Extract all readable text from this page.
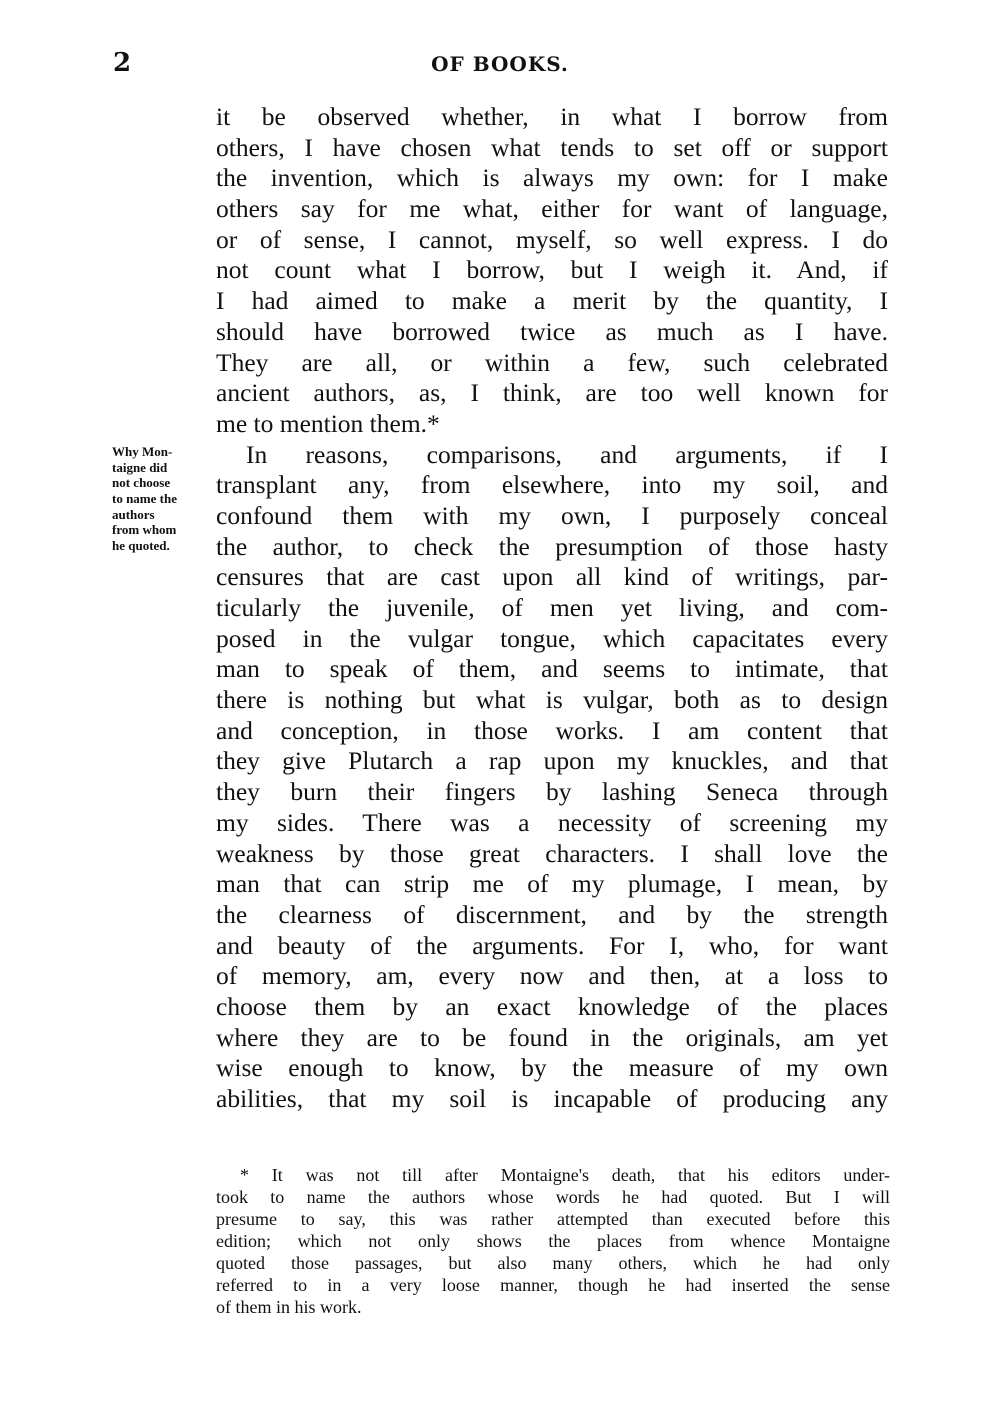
2	OF BOOKS.
Why Mon-
taigne did
not choose
to name the
authors
from whom
he quoted.
it be observed whether, in what I borrow from
others, I have chosen what tends to set off or support
the invention, which is always my own: for I make
others say for me what, either for want of language,
or of sense, I cannot, myself, so well express. I do
not count what I borrow, but I weigh it. And, if
I had aimed to make a merit by the quantity, I
should have borrowed twice as much as I have.
They are all, or within a few, such celebrated
ancient authors, as, I think, are too well known for
me to mention them.*
In reasons, comparisons, and arguments, if I
transplant any, from elsewhere, into my soil, and
confound them with my own, I purposely conceal
the author, to check the presumption of those hasty
censures that are cast upon all kind of writings, par-
ticularly the juvenile, of men yet living, and com-
posed in the vulgar tongue, which capacitates every
man to speak of them, and seems to intimate, that
there is nothing but what is vulgar, both as to design
and conception, in those works. I am content that
they give Plutarch a rap upon my knuckles, and that
they burn their fingers by lashing Seneca through
my sides. There was a necessity of screening my
weakness by those great characters. I shall love the
man that can strip me of my plumage, I mean, by
the clearness of discernment, and by the strength
and beauty of the arguments. For I, who, for want
of memory, am, every now and then, at a loss to
choose them by an exact knowledge of the places
where they are to be found in the originals, am yet
wise enough to know, by the measure of my own
abilities, that my soil is incapable of producing any
* It was not till after Montaigne's death, that his editors under-
took to name the authors whose words he had quoted. But I will
presume to say, this was rather attempted than executed before this
edition; which not only shows the places from whence Montaigne
quoted those passages, but also many others, which he had only
referred to in a very loose manner, though he had inserted the sense
of them in his work.
